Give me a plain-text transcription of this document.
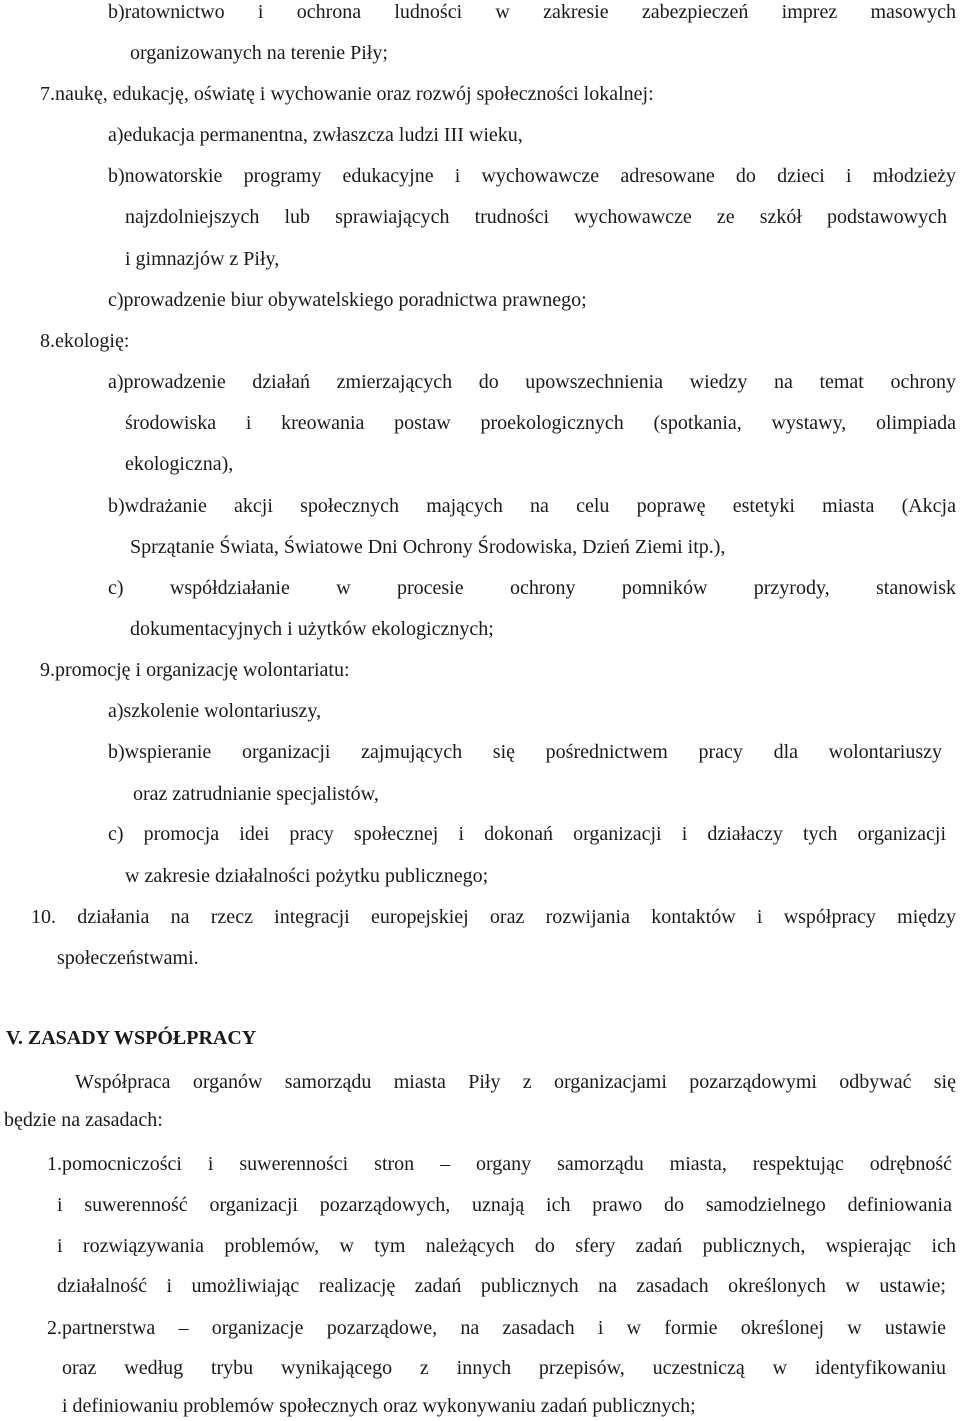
b)ratownictwo i ochrona ludności w zakresie zabezpieczeń imprez masowych
organizowanych na terenie Piły;
7.naukę, edukację, oświatę i wychowanie oraz rozwój społeczności lokalnej:
a)edukacja permanentna, zwłaszcza ludzi III wieku,
b)nowatorskie programy edukacyjne i wychowawcze adresowane do dzieci i młodzieży
najzdolniejszych lub sprawiających trudności wychowawcze ze szkół podstawowych
i gimnazjów z Piły,
c)prowadzenie biur obywatelskiego poradnictwa prawnego;
8.ekologię:
a)prowadzenie działań zmierzających do upowszechnienia wiedzy na temat ochrony
środowiska i kreowania postaw proekologicznych (spotkania, wystawy, olimpiada
ekologiczna),
b)wdrażanie akcji społecznych mających na celu poprawę estetyki miasta (Akcja
Sprzątanie Świata, Światowe Dni Ochrony Środowiska, Dzień Ziemi itp.),
c) współdziałanie w procesie ochrony pomników przyrody, stanowisk
dokumentacyjnych i użytków ekologicznych;
9.promocję i organizację wolontariatu:
a)szkolenie wolontariuszy,
b)wspieranie organizacji zajmujących się pośrednictwem pracy dla wolontariuszy
oraz zatrudnianie specjalistów,
c) promocja idei pracy społecznej i dokonań organizacji i działaczy tych organizacji
w zakresie działalności pożytku publicznego;
10. działania na rzecz integracji europejskiej oraz rozwijania kontaktów i współpracy między
społeczeństwami.
V. ZASADY WSPÓŁPRACY
Współpraca organów samorządu miasta Piły z organizacjami pozarządowymi odbywać się
będzie na zasadach:
1.pomocniczości i suwerenności stron – organy samorządu miasta, respektując odrębność
i suwerenność organizacji pozarządowych, uznają ich prawo do samodzielnego definiowania
i rozwiązywania problemów, w tym należących do sfery zadań publicznych, wspierając ich
działalność i umożliwiając realizację zadań publicznych na zasadach określonych w ustawie;
2.partnerstwa – organizacje pozarządowe, na zasadach i w formie określonej w ustawie
oraz według trybu wynikającego z innych przepisów, uczestniczą w identyfikowaniu
i definiowaniu problemów społecznych oraz wykonywaniu zadań publicznych;
